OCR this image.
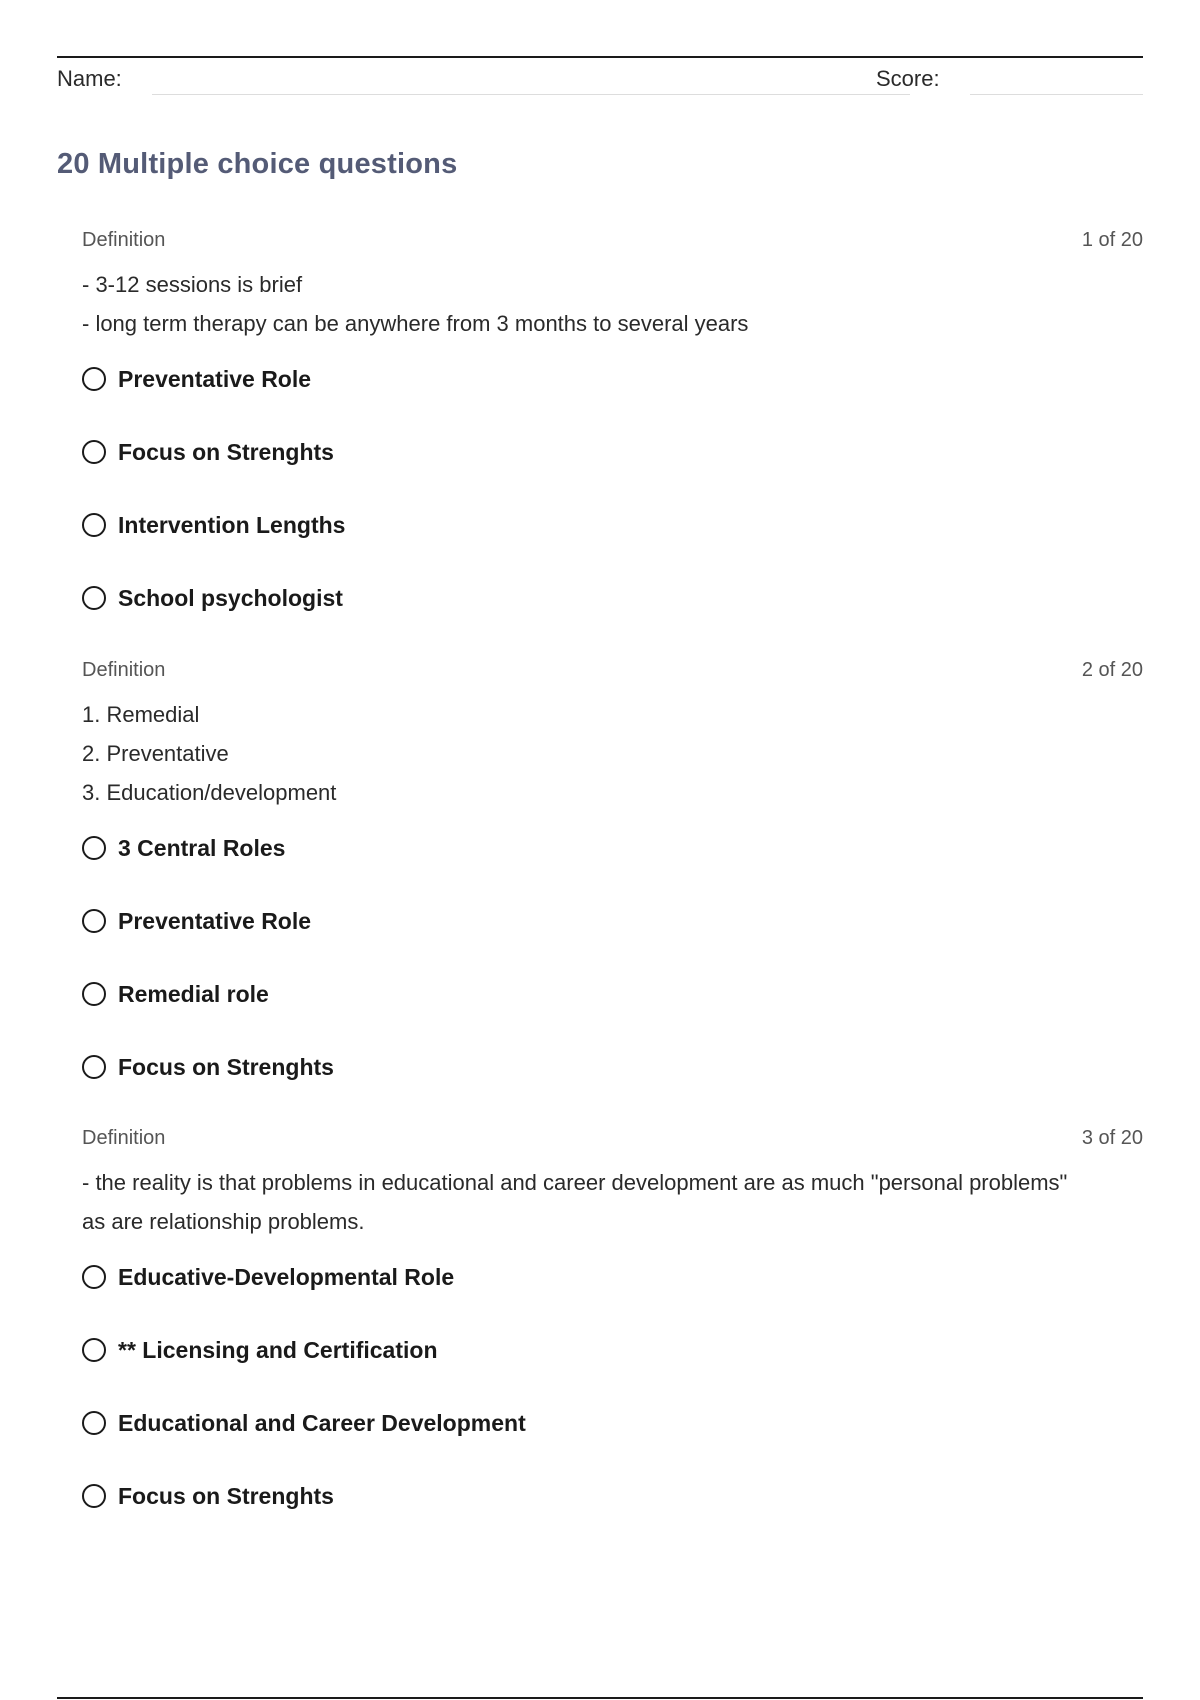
Name:	Score:
20 Multiple choice questions
Definition	1 of 20

- 3-12 sessions is brief

- long term therapy can be anywhere from 3 months to several years

Preventative Role
Focus on Strenghts
Intervention Lengths
School psychologist
Definition	2 of 20

1. Remedial

2. Preventative

3. Education/development

3 Central Roles
Preventative Role
Remedial role
Focus on Strenghts
Definition	3 of 20

- the reality is that problems in educational and career development are as much "personal problems" as are relationship problems.

Educative-Developmental Role
** Licensing and Certification
Educational and Career Development
Focus on Strenghts
